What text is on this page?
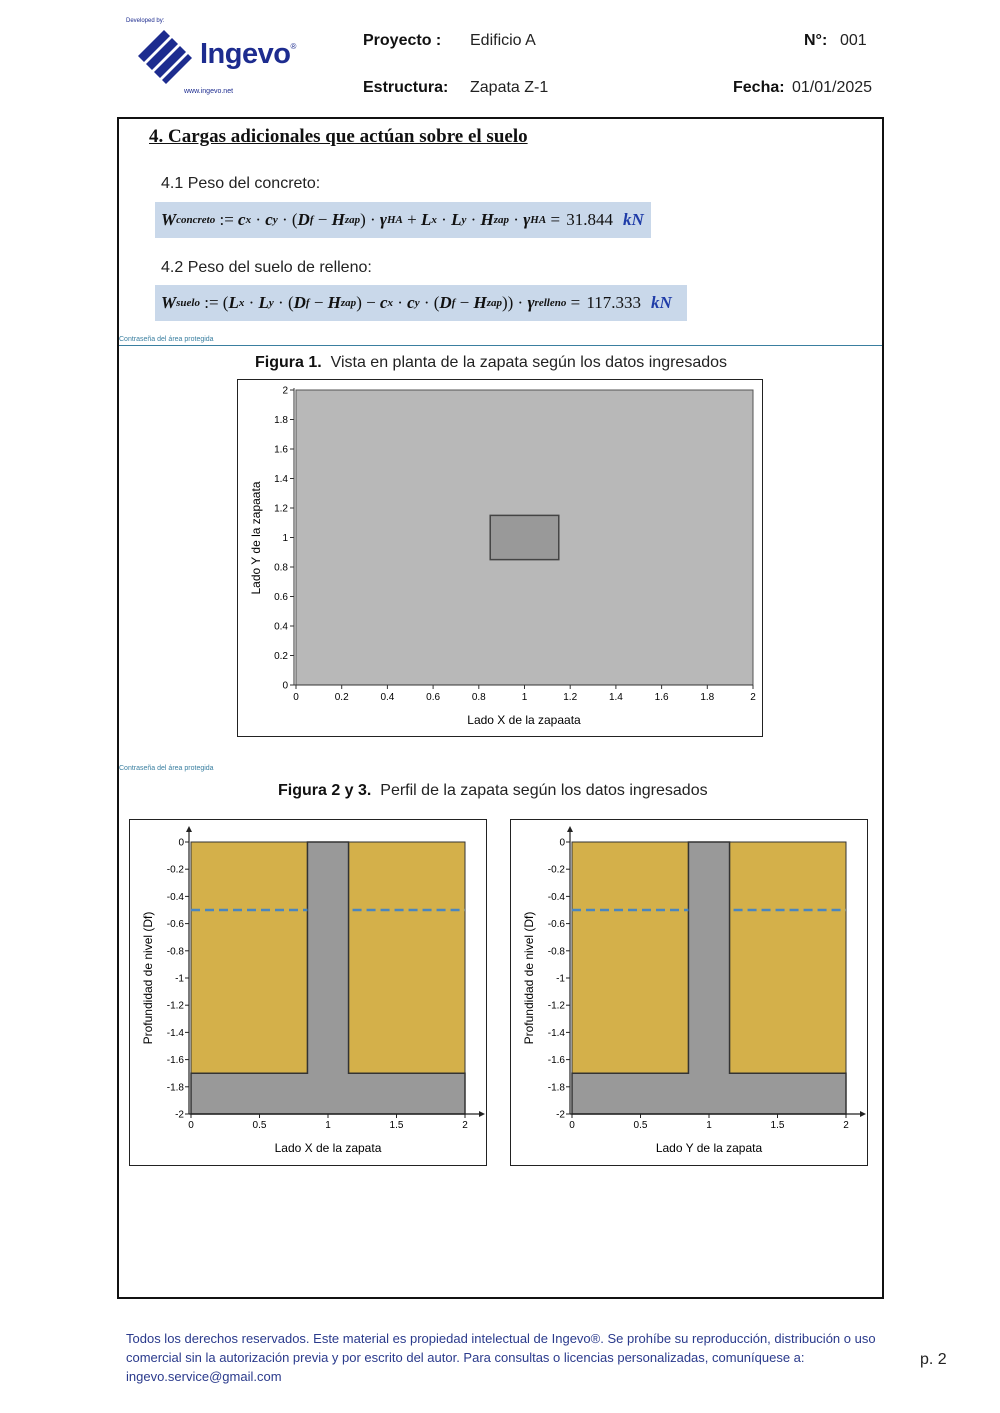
Developed by:
Ingevo®
www.ingevo.net
Proyecto : Edificio A	N°: 001
Estructura: Zapata Z-1	Fecha: 01/01/2025
4. Cargas adicionales que actúan sobre el suelo
4.1 Peso del concreto:
W concreto := c x · c y · ( D f − H zap ) · γ HA + L x · L y · H zap · γ HA = 31.844 kN
4.2 Peso del suelo de relleno:
W suelo := ( L x · L y · ( D f − H zap ) − c x · c y · ( D f − H zap )) · γ relleno = 117.333 kN
Contraseña del área protegida
Figura 1.  Vista en planta de la zapata según los datos ingresados
0	0.2	0.4	0.6	0.8	1	1.2	1.4	1.6	1.8	2
0
0.2
0.4
0.6
0.8
1
1.2
1.4
1.6
1.8
2
Lado X de la zapaata
Lado Y de la zapaata
Contraseña del área protegida
Figura 2 y 3.  Perfil de la zapata según los datos ingresados
0	0.5	1	1.5	2
0
-0.2
-0.4
-0.6
-0.8
-1
-1.2
-1.4
-1.6
-1.8
-2
Lado X de la zapata
Profundidad de nivel (Df)
0	0.5	1	1.5	2
0
-0.2
-0.4
-0.6
-0.8
-1
-1.2
-1.4
-1.6
-1.8
-2
Lado Y de la zapata
Profundidad de nivel (Df)
Todos los derechos reservados. Este material es propiedad intelectual de Ingevo®. Se prohíbe su reproducción, distribución o uso comercial sin la autorización previa y por escrito del autor. Para consultas o licencias personalizadas, comuníquese a: ingevo.service@gmail.com
p. 2
